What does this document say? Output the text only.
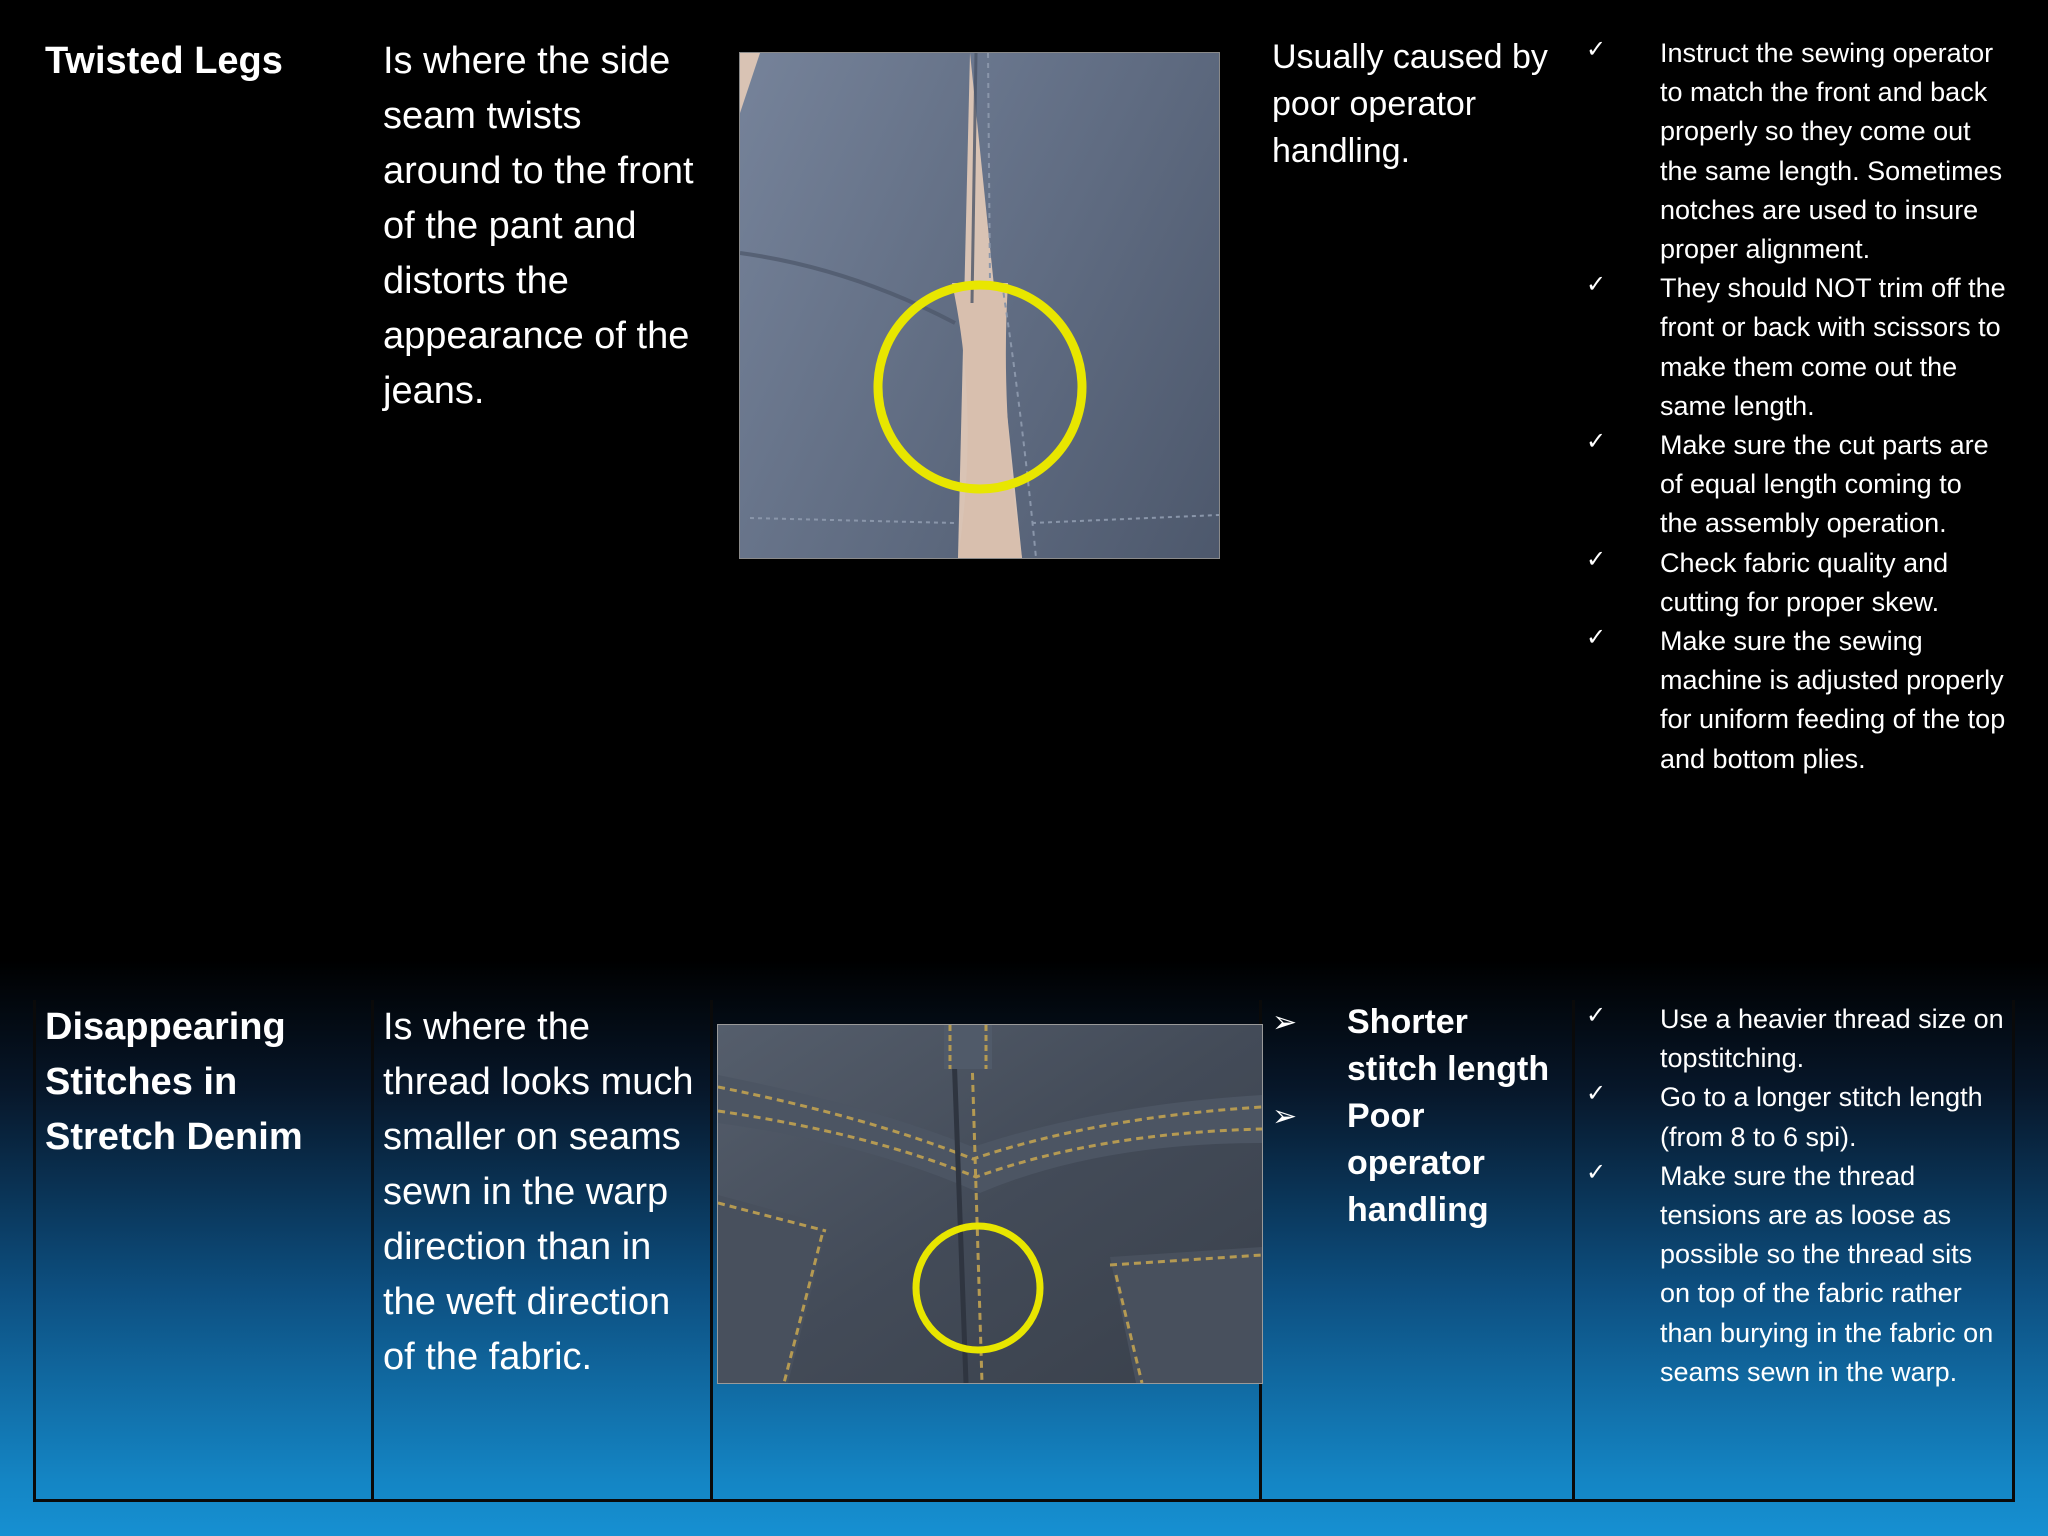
Twisted Legs	Is where the side seam twists around to the front of the pant and distorts the appearance of the jeans.
Usually caused by poor operator handling.
✓ Instruct the sewing operator to match the front and back properly so they come out the same length. Sometimes notches are used to insure proper alignment.
✓ They should NOT trim off the front or back with scissors to make them come out the same length.
✓ Make sure the cut parts are of equal length coming to the assembly operation.
✓ Check fabric quality and cutting for proper skew.
✓ Make sure the sewing machine is adjusted properly for uniform feeding of the top and bottom plies.
Disappearing Stitches in Stretch Denim
Is where the thread looks much smaller on seams sewn in the warp direction than in the weft direction of the fabric.
➢ Shorter stitch length
➢ Poor operator handling
✓ Use a heavier thread size on topstitching.
✓ Go to a longer stitch length (from 8 to 6 spi).
✓ Make sure the thread tensions are as loose as possible so the thread sits on top of the fabric rather than burying in the fabric on seams sewn in the warp.
